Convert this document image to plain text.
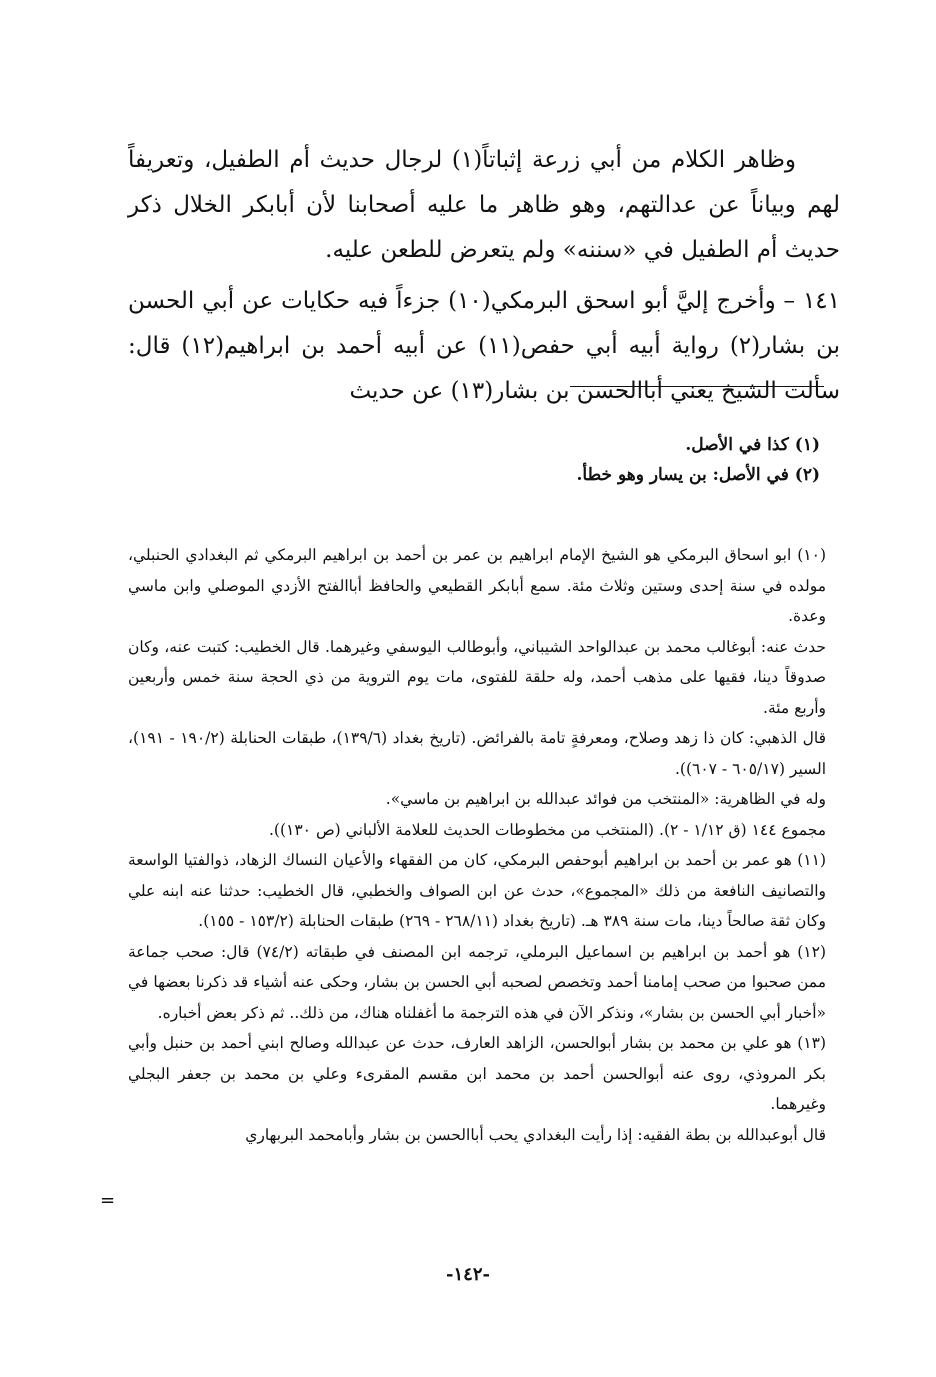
وظاهر الكلام من أبي زرعة إثباتاً(١) لرجال حديث أم الطفيل، وتعريفاً لهم وبياناً عن عدالتهم، وهو ظاهر ما عليه أصحابنا لأن أبابكر الخلال ذكر حديث أم الطفيل في «سننه» ولم يتعرض للطعن عليه.

١٤١ – وأخرج إليَّ أبو اسحق البرمكي(١٠) جزءاً فيه حكايات عن أبي الحسن بن بشار(٢) رواية أبيه أبي حفص(١١) عن أبيه أحمد بن ابراهيم(١٢) قال: سألت الشيخ يعني أباالحسن بن بشار(١٣) عن حديث

(١) كذا في الأصل.
(٢) في الأصل: بن يسار وهو خطأ.

(١٠) ابو اسحاق البرمكي هو الشيخ الإمام ابراهيم بن عمر بن أحمد بن ابراهيم البرمكي ثم البغدادي الحنبلي، مولده في سنة إحدى وستين وثلاث مئة. سمع أبابكر القطيعي والحافظ أباالفتح الأزدي الموصلي وابن ماسي وعدة.

حدث عنه: أبوغالب محمد بن عبدالواحد الشيباني، وأبوطالب اليوسفي وغيرهما. قال الخطيب: كتبت عنه، وكان صدوقاً دينا، فقيها على مذهب أحمد، وله حلقة للفتوى، مات يوم التروية من ذي الحجة سنة خمس وأربعين وأربع مئة.

قال الذهبي: كان ذا زهد وصلاح، ومعرفةٍ تامة بالفرائض. (تاريخ بغداد (١٣٩/٦)، طبقات الحنابلة (١٩٠/٢ - ١٩١)، السير (٦٠٥/١٧ - ٦٠٧)).

وله في الظاهرية: «المنتخب من فوائد عبدالله بن ابراهيم بن ماسي».

مجموع ١٤٤ (ق ١/١٢ - ٢). (المنتخب من مخطوطات الحديث للعلامة الألباني (ص ١٣٠)).

(١١) هو عمر بن أحمد بن ابراهيم أبوحفص البرمكي، كان من الفقهاء والأعيان النساك الزهاد، ذوالفتيا الواسعة والتصانيف النافعة من ذلك «المجموع»، حدث عن ابن الصواف والخطبي، قال الخطيب: حدثنا عنه ابنه علي وكان ثقة صالحاً دينا، مات سنة ٣٨٩ هـ. (تاريخ بغداد (٢٦٨/١١ - ٢٦٩) طبقات الحنابلة (١٥٣/٢ - ١٥٥).

(١٢) هو أحمد بن ابراهيم بن اسماعيل البرملي، ترجمه ابن المصنف في طبقاته (٧٤/٢) قال: صحب جماعة ممن صحبوا من صحب إمامنا أحمد وتخصص لصحبه أبي الحسن بن بشار، وحكى عنه أشياء قد ذكرنا بعضها في «أخبار أبي الحسن بن بشار»، ونذكر الآن في هذه الترجمة ما أغفلناه هناك، من ذلك.. ثم ذكر بعض أخباره.

(١٣) هو علي بن محمد بن بشار أبوالحسن، الزاهد العارف، حدث عن عبدالله وصالح ابني أحمد بن حنبل وأبي بكر المروذي، روى عنه أبوالحسن أحمد بن محمد ابن مقسم المقرىء وعلي بن محمد بن جعفر البجلي وغيرهما.

قال أبوعبدالله بن بطة الفقيه: إذا رأيت البغدادي يحب أباالحسن بن بشار وأبامحمد البربهاري

=
-١٤٢-
